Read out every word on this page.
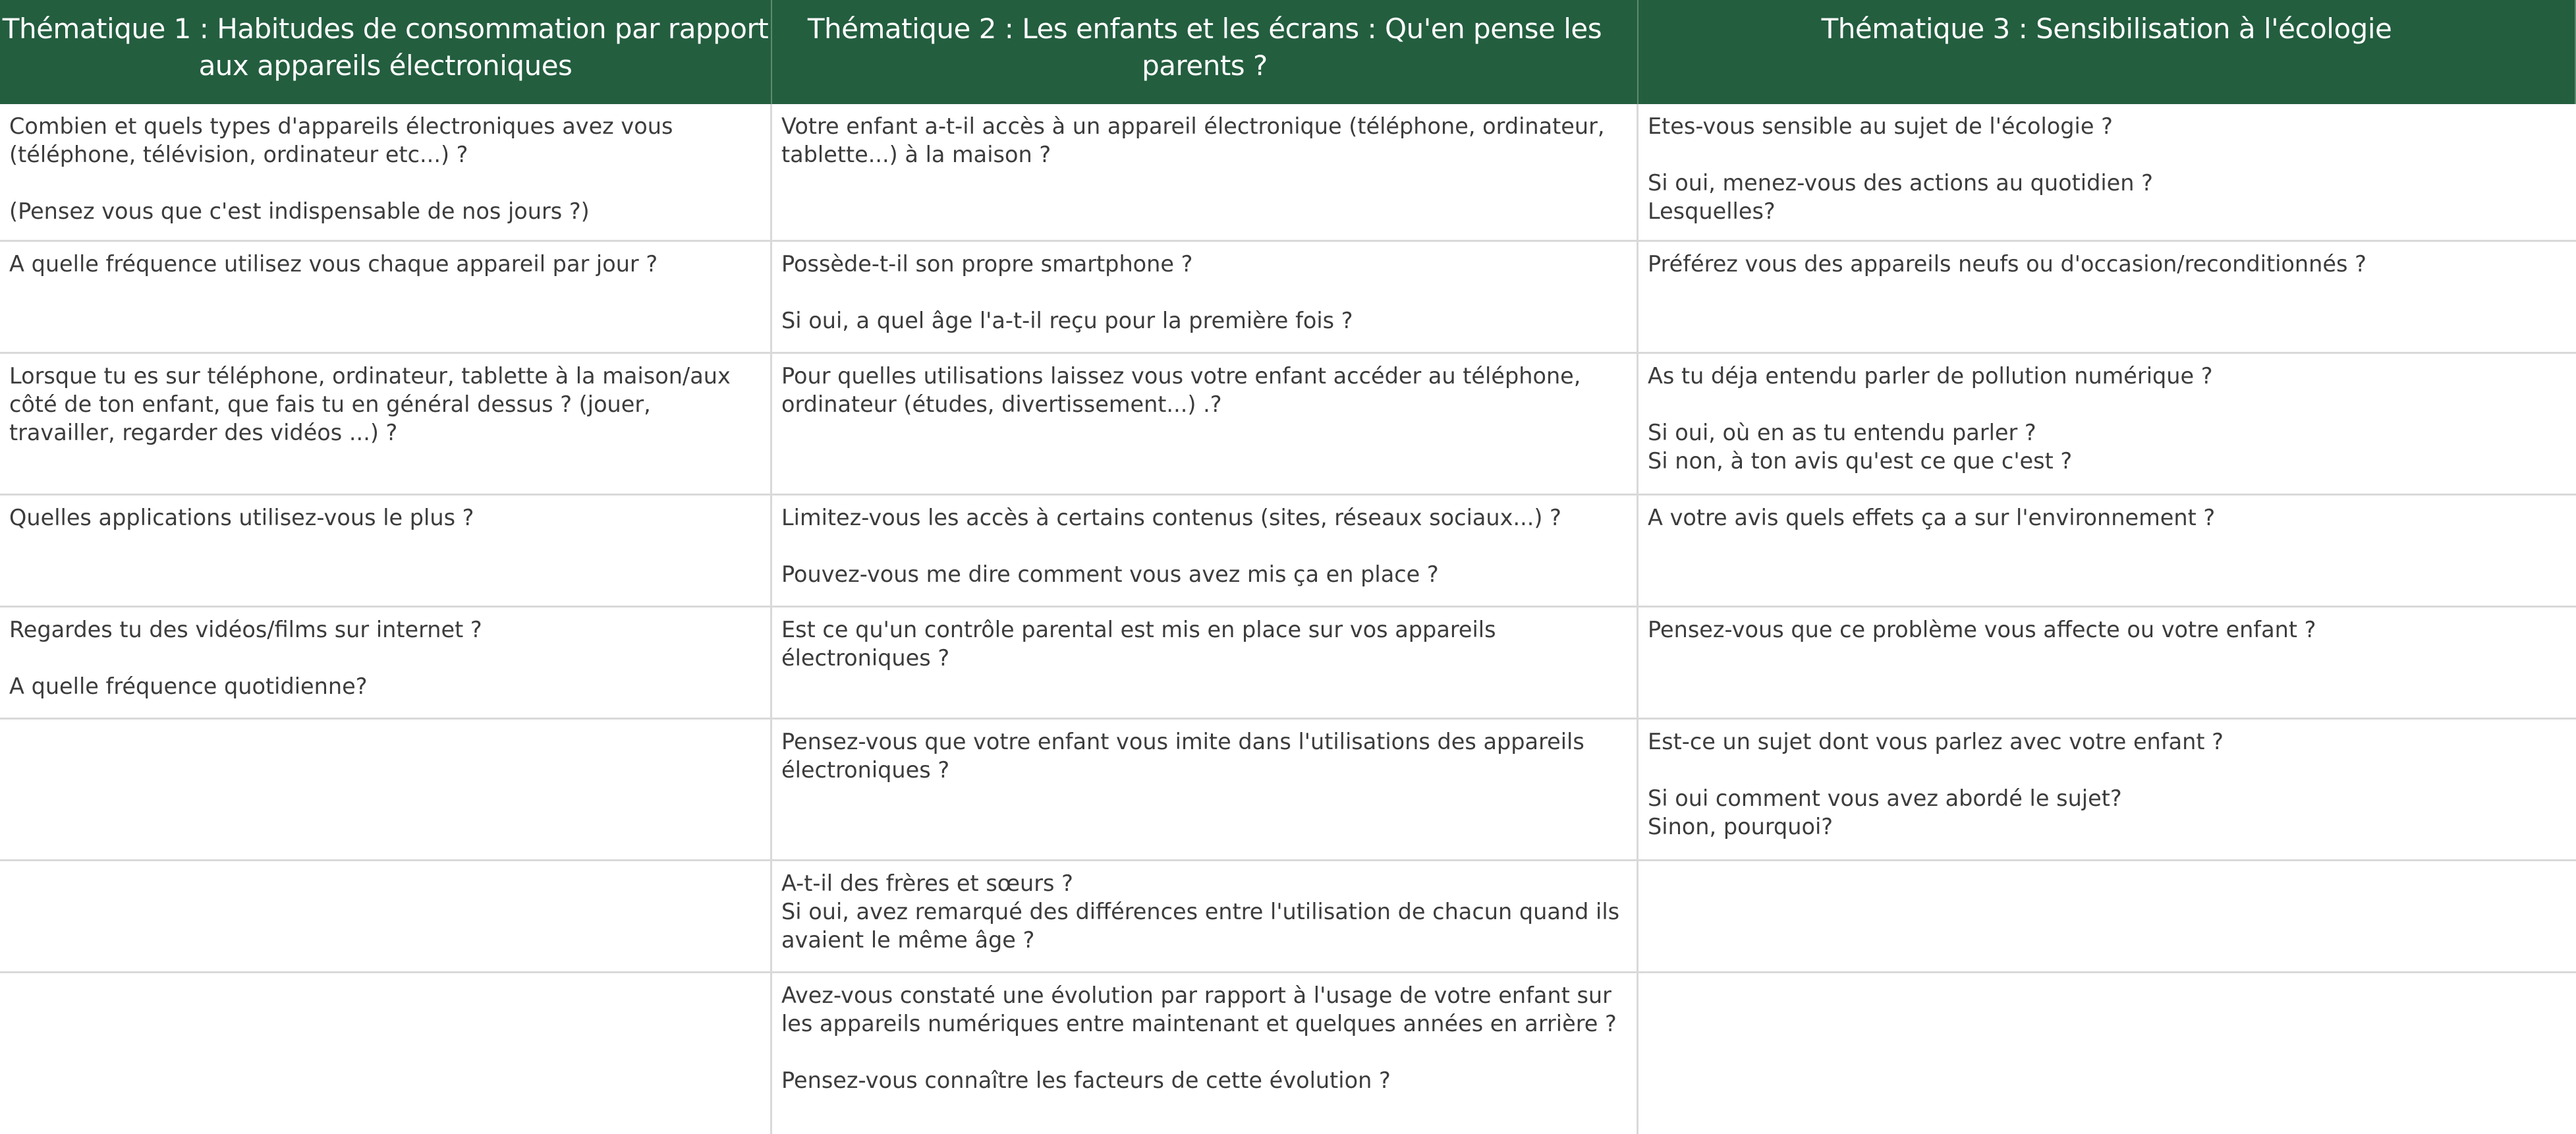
Thématique 1 : Habitudes de consommation par rapport aux appareils électroniques
Thématique 2 : Les enfants et les écrans : Qu'en pense les parents ?
Thématique 3 : Sensibilisation à l'écologie
Combien et quels types d'appareils électroniques avez vous (téléphone, télévision, ordinateur etc...) ?

(Pensez vous que c'est indispensable de nos jours ?)
Votre enfant a-t-il accès à un appareil électronique (téléphone, ordinateur, tablette...) à la maison ?
Etes-vous sensible au sujet de l'écologie ?

Si oui, menez-vous des actions au quotidien ?
Lesquelles?
A quelle fréquence utilisez vous chaque appareil par jour ?	Possède-t-il son propre smartphone ?

Si oui, a quel âge l'a-t-il reçu pour la première fois ?
Préférez vous des appareils neufs ou d'occasion/reconditionnés ?
Lorsque tu es sur téléphone, ordinateur, tablette à la maison/aux côté de ton enfant, que fais tu en général dessus ? (jouer, travailler, regarder des vidéos ...) ?
Pour quelles utilisations laissez vous votre enfant accéder au téléphone, ordinateur (études, divertissement...) .?
As tu déja entendu parler de pollution numérique ?

Si oui, où en as tu entendu parler ?
Si non, à ton avis qu'est ce que c'est ?
Quelles applications utilisez-vous le plus ?	Limitez-vous les accès à certains contenus (sites, réseaux sociaux...) ?

Pouvez-vous me dire comment vous avez mis ça en place ?
A votre avis quels effets ça a sur l'environnement ?
Regardes tu des vidéos/films sur internet ?

A quelle fréquence quotidienne?
Est ce qu'un contrôle parental est mis en place sur vos appareils électroniques ?
Pensez-vous que ce problème vous affecte ou votre enfant ?
Pensez-vous que votre enfant vous imite dans l'utilisations des appareils électroniques ?
Est-ce un sujet dont vous parlez avec votre enfant ?

Si oui comment vous avez abordé le sujet?
Sinon, pourquoi?
A-t-il des frères et sœurs ?
Si oui, avez remarqué des différences entre l'utilisation de chacun quand ils avaient le même âge ?
Avez-vous constaté une évolution par rapport à l'usage de votre enfant sur les appareils numériques entre maintenant et quelques années en arrière ?

Pensez-vous connaître les facteurs de cette évolution ?
